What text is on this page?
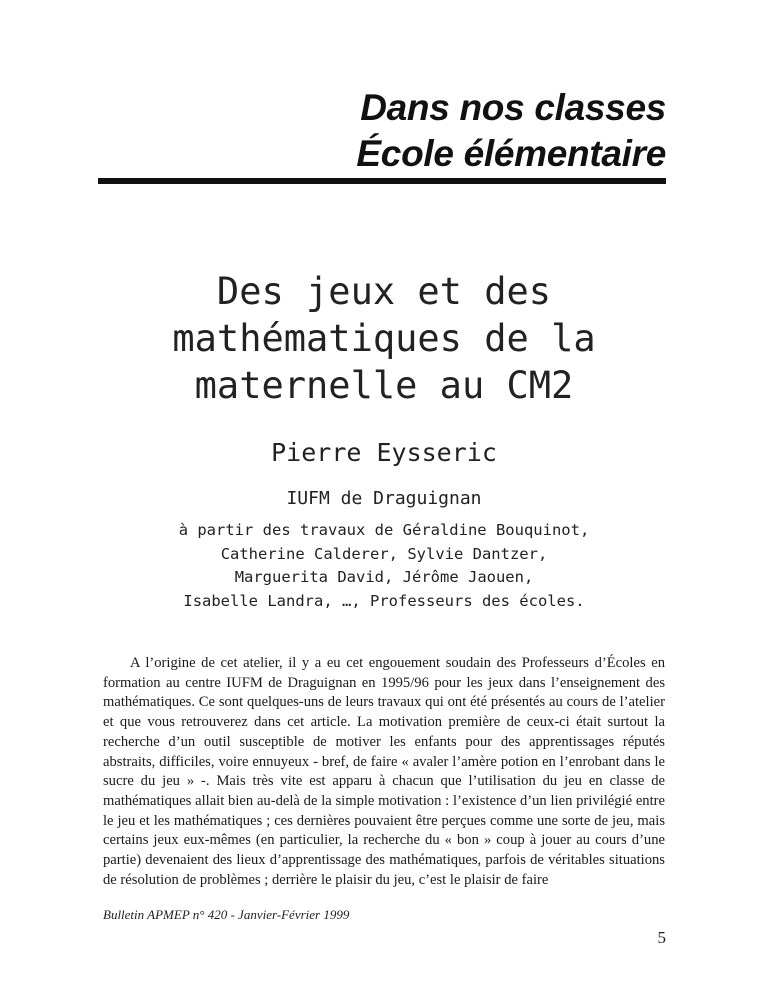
Dans nos classes
École élémentaire
Des jeux et des
mathématiques de la
maternelle au CM2
Pierre Eysseric
IUFM de Draguignan
à partir des travaux de Géraldine Bouquinot,
Catherine Calderer, Sylvie Dantzer,
Marguerita David, Jérôme Jaouen,
Isabelle Landra, …, Professeurs des écoles.

A l’origine de cet atelier, il y a eu cet engouement soudain des Professeurs d’Écoles en formation au centre IUFM de Draguignan en 1995/96 pour les jeux dans l’enseignement des mathématiques. Ce sont quelques-uns de leurs travaux qui ont été présentés au cours de l’atelier et que vous retrouverez dans cet article. La motivation première de ceux-ci était surtout la recherche d’un outil susceptible de motiver les enfants pour des apprentissages réputés abstraits, difficiles, voire ennuyeux - bref, de faire « avaler l’amère potion en l’enrobant dans le sucre du jeu » -. Mais très vite est apparu à chacun que l’utilisation du jeu en classe de mathématiques allait bien au-delà de la simple motivation : l’existence d’un lien privilégié entre le jeu et les mathématiques ; ces dernières pouvaient être perçues comme une sorte de jeu, mais certains jeux eux-mêmes (en particulier, la recherche du « bon » coup à jouer au cours d’une partie) devenaient des lieux d’apprentissage des mathématiques, parfois de véritables situations de résolution de problèmes ; derrière le plaisir du jeu, c’est le plaisir de faire

Bulletin APMEP n° 420 - Janvier-Février 1999
5
